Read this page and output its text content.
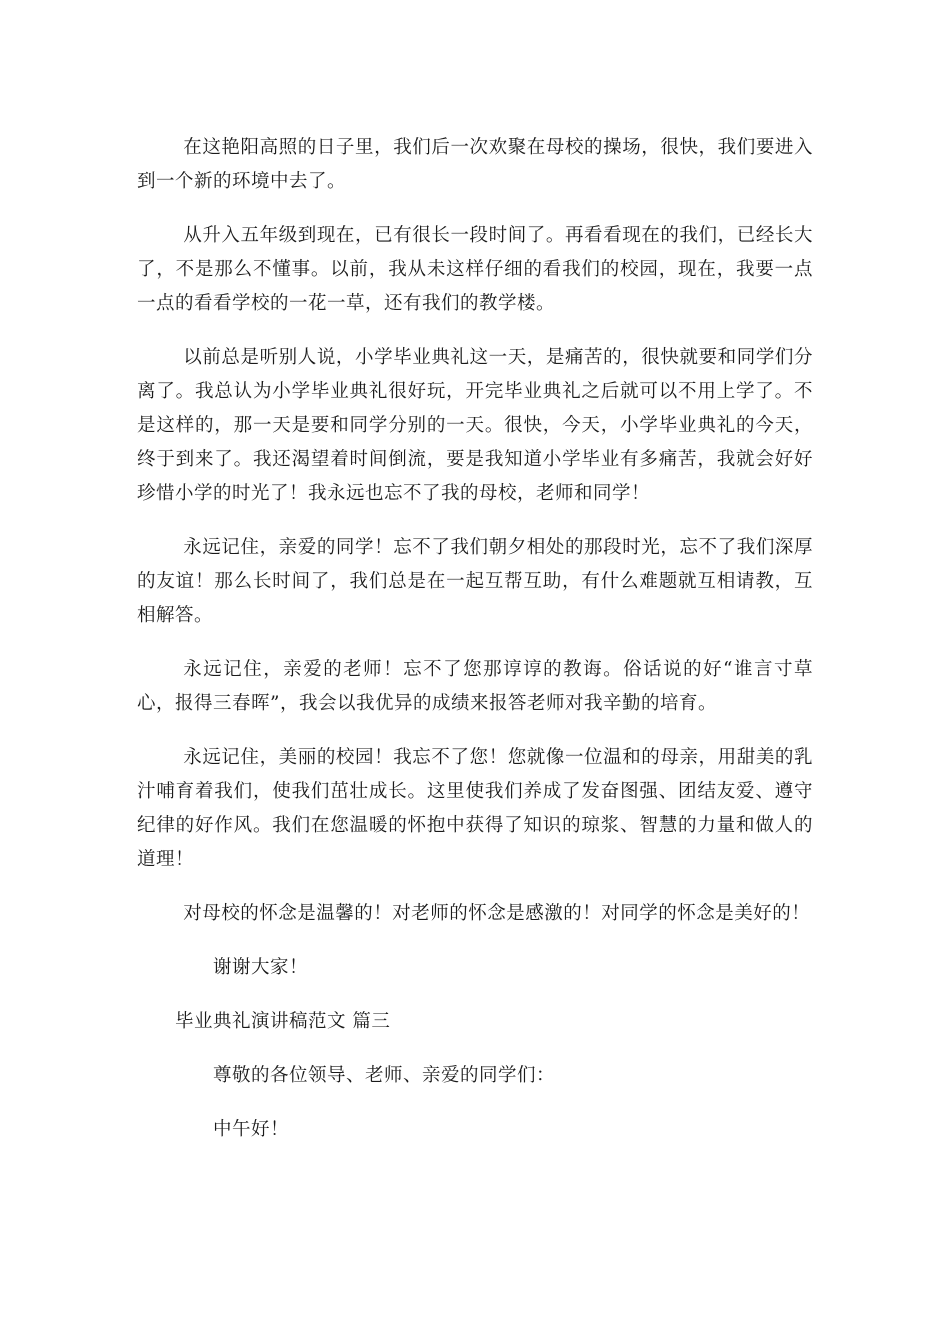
在这艳阳高照的日子里，我们后一次欢聚在母校的操场，很快，我们要进入到一个新的环境中去了。

从升入五年级到现在，已有很长一段时间了。再看看现在的我们，已经长大了，不是那么不懂事。以前，我从未这样仔细的看我们的校园，现在，我要一点一点的看看学校的一花一草，还有我们的教学楼。

以前总是听别人说，小学毕业典礼这一天，是痛苦的，很快就要和同学们分离了。我总认为小学毕业典礼很好玩，开完毕业典礼之后就可以不用上学了。不是这样的，那一天是要和同学分别的一天。很快，今天，小学毕业典礼的今天，终于到来了。我还渴望着时间倒流，要是我知道小学毕业有多痛苦，我就会好好珍惜小学的时光了！我永远也忘不了我的母校，老师和同学！

永远记住，亲爱的同学！忘不了我们朝夕相处的那段时光，忘不了我们深厚的友谊！那么长时间了，我们总是在一起互帮互助，有什么难题就互相请教，互相解答。

永远记住，亲爱的老师！忘不了您那谆谆的教诲。俗话说的好“谁言寸草心，报得三春晖”，我会以我优异的成绩来报答老师对我辛勤的培育。

永远记住，美丽的校园！我忘不了您！您就像一位温和的母亲，用甜美的乳汁哺育着我们，使我们茁壮成长。这里使我们养成了发奋图强、团结友爱、遵守纪律的好作风。我们在您温暖的怀抱中获得了知识的琼浆、智慧的力量和做人的道理！

对母校的怀念是温馨的！对老师的怀念是感激的！对同学的怀念是美好的！

谢谢大家！

毕业典礼演讲稿范文 篇三

尊敬的各位领导、老师、亲爱的同学们：

中午好！
